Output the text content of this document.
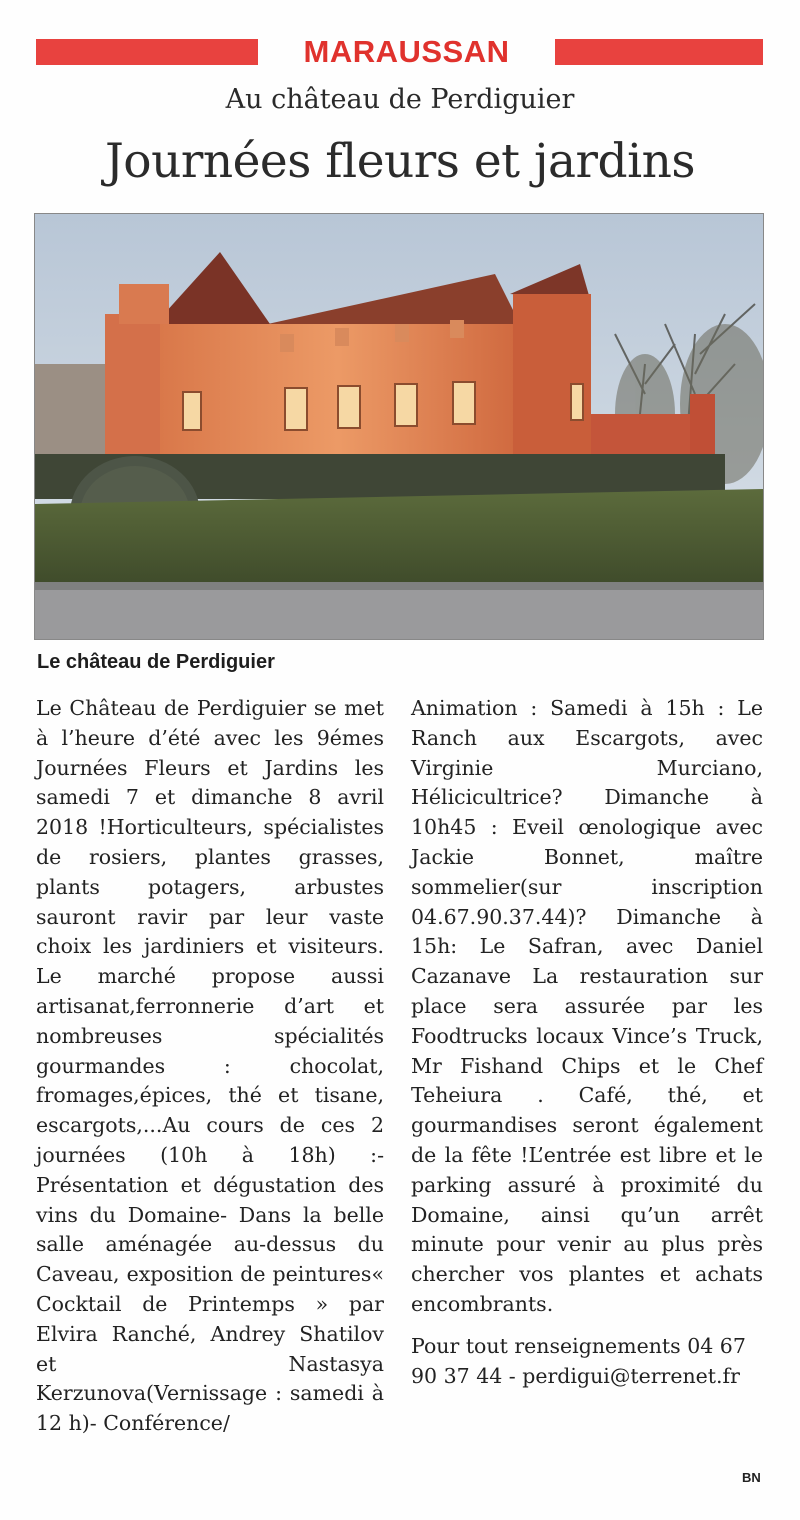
MARAUSSAN
Au château de Perdiguier
Journées fleurs et jardins
Le château de Perdiguier

Le Château de Perdiguier se met à l’heure d’été avec les 9émes Journées Fleurs et Jardins les samedi 7 et dimanche 8 avril 2018 !Horticulteurs, spécialistes de rosiers, plantes grasses, plants potagers, arbustes sauront ravir par leur vaste choix les jardiniers et visiteurs. Le marché propose aussi artisanat,ferronnerie d’art et nombreuses spécialités gourmandes : chocolat, fromages,épices, thé et tisane, escargots,...Au cours de ces 2 journées (10h à 18h) :- Présentation et dégustation des vins du Domaine- Dans la belle salle aménagée au-dessus du Caveau, exposition de peintures« Cocktail de Printemps » par Elvira Ranché, Andrey Shatilov et Nastasya Kerzunova(Vernissage : samedi à 12 h)- Conférence/

Animation : Samedi à 15h : Le Ranch aux Escargots, avec Virginie Murciano, Hélicicultrice? Dimanche à 10h45 : Eveil œnologique avec Jackie Bonnet, maître sommelier(sur inscription 04.67.90.37.44)? Dimanche à 15h: Le Safran, avec Daniel Cazanave La restauration sur place sera assurée par les Foodtrucks locaux Vince’s Truck, Mr Fishand Chips et le Chef Teheiura . Café, thé, et gourmandises seront également de la fête !L’entrée est libre et le parking assuré à proximité du Domaine, ainsi qu’un arrêt minute pour venir au plus près chercher vos plantes et achats encombrants.

Pour tout renseignements 04 67 90 37 44 - perdigui@terrenet.fr

BN
